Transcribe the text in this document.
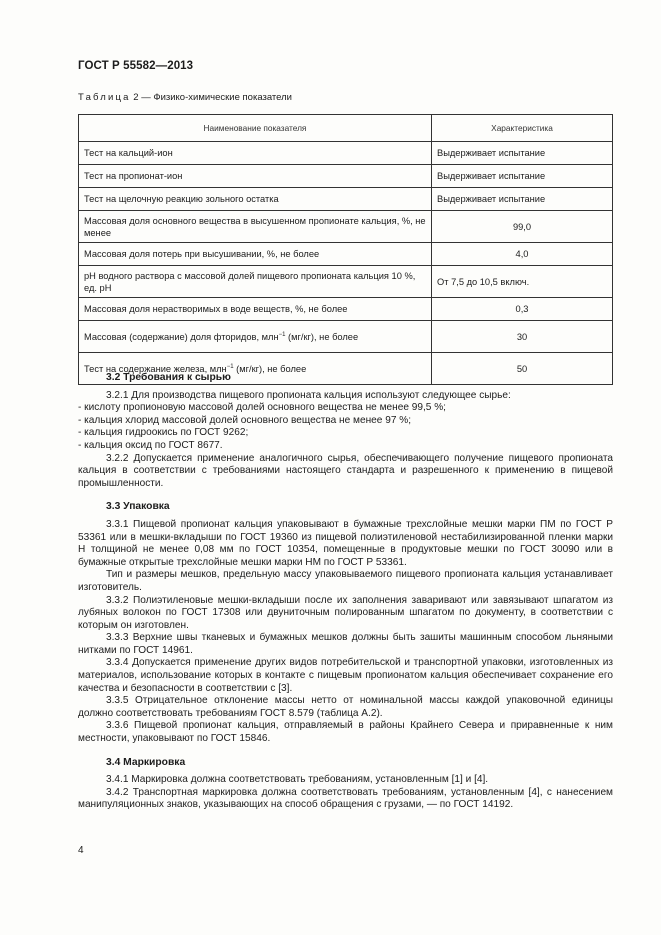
ГОСТ Р 55582—2013
Таблица 2 — Физико-химические показатели
Наименование показателя	Характеристика
Тест на кальций-ион	Выдерживает испытание
Тест на пропионат-ион	Выдерживает испытание
Тест на щелочную реакцию зольного остатка	Выдерживает испытание
Массовая доля основного вещества в высушенном пропионате кальция, %, не менее	99,0
Массовая доля потерь при высушивании, %, не более	4,0
рН водного раствора с массовой долей пищевого пропионата кальция 10 %, ед. рН	От 7,5 до 10,5 включ.
Массовая доля нерастворимых в воде веществ, %, не более	0,3
Массовая (содержание) доля фторидов, млн$^{-1}$ (мг/кг), не более	30
Тест на содержание железа, млн$^{-1}$ (мг/кг), не более	50
3.2 Требования к сырью

3.2.1 Для производства пищевого пропионата кальция используют следующее сырье:

- кислоту пропионовую массовой долей основного вещества не менее 99,5 %;

- кальция хлорид массовой долей основного вещества не менее 97 %;

- кальция гидроокись по ГОСТ 9262;

- кальция оксид по ГОСТ 8677.

3.2.2 Допускается применение аналогичного сырья, обеспечивающего получение пищевого пропионата кальция в соответствии с требованиями настоящего стандарта и разрешенного к применению в пищевой промышленности.

3.3 Упаковка

3.3.1 Пищевой пропионат кальция упаковывают в бумажные трехслойные мешки марки ПМ по ГОСТ Р 53361 или в мешки-вкладыши по ГОСТ 19360 из пищевой полиэтиленовой нестабилизированной пленки марки Н толщиной не менее 0,08 мм по ГОСТ 10354, помещенные в продуктовые мешки по ГОСТ 30090 или в бумажные открытые трехслойные мешки марки НМ по ГОСТ Р 53361.

Тип и размеры мешков, предельную массу упаковываемого пищевого пропионата кальция устанавливает изготовитель.

3.3.2 Полиэтиленовые мешки-вкладыши после их заполнения заваривают или завязывают шпагатом из лубяных волокон по ГОСТ 17308 или двуниточным полированным шпагатом по документу, в соответствии с которым он изготовлен.

3.3.3 Верхние швы тканевых и бумажных мешков должны быть зашиты машинным способом льняными нитками по ГОСТ 14961.

3.3.4 Допускается применение других видов потребительской и транспортной упаковки, изготовленных из материалов, использование которых в контакте с пищевым пропионатом кальция обеспечивает сохранение его качества и безопасности в соответствии с [3].

3.3.5 Отрицательное отклонение массы нетто от номинальной массы каждой упаковочной единицы должно соответствовать требованиям ГОСТ 8.579 (таблица А.2).

3.3.6 Пищевой пропионат кальция, отправляемый в районы Крайнего Севера и приравненные к ним местности, упаковывают по ГОСТ 15846.

3.4 Маркировка

3.4.1 Маркировка должна соответствовать требованиям, установленным [1] и [4].

3.4.2 Транспортная маркировка должна соответствовать требованиям, установленным [4], с нанесением манипуляционных знаков, указывающих на способ обращения с грузами, — по ГОСТ 14192.

4
